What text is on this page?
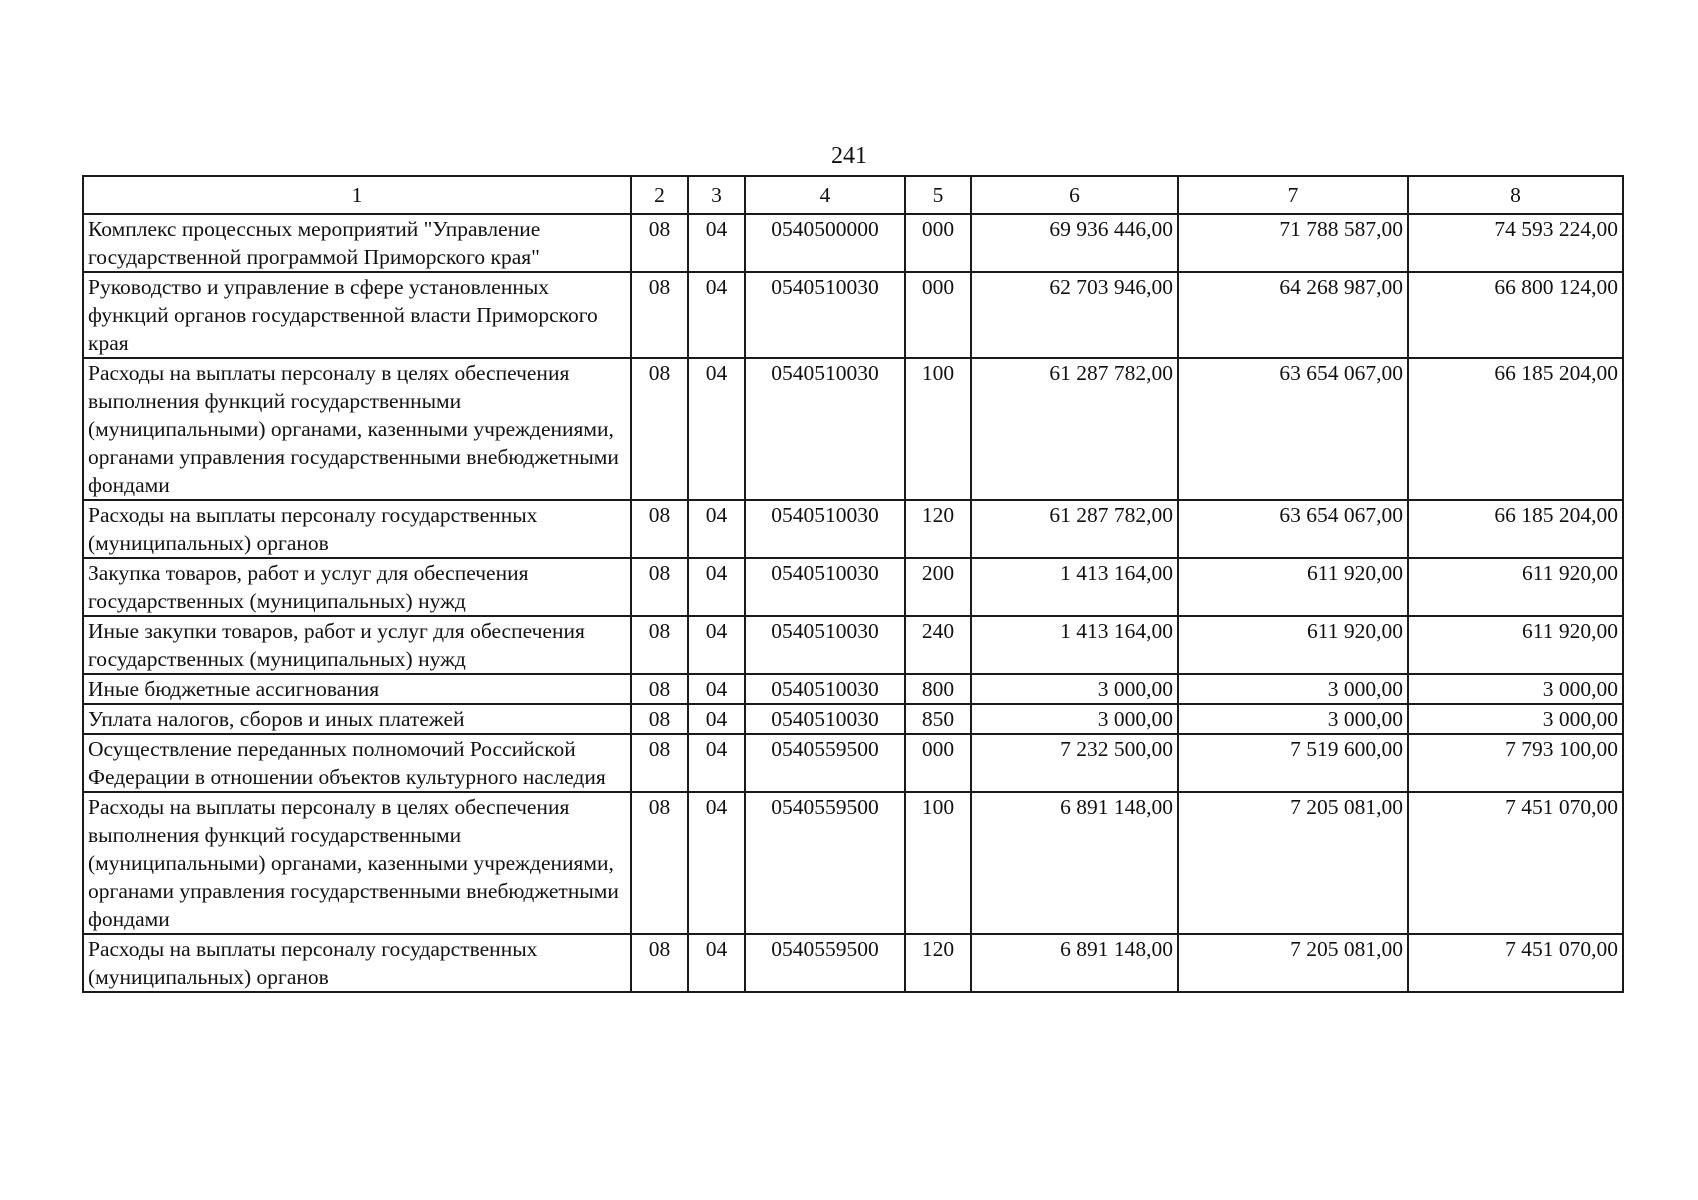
241
1	2	3	4	5	6	7	8
Комплекс процессных мероприятий "Управление государственной программой Приморского края"	08	04	0540500000	000	69 936 446,00	71 788 587,00	74 593 224,00
Руководство и управление в сфере установленных функций органов государственной власти Приморского края	08	04	0540510030	000	62 703 946,00	64 268 987,00	66 800 124,00
Расходы на выплаты персоналу в целях обеспечения выполнения функций государственными (муниципальными) органами, казенными учреждениями, органами управления государственными внебюджетными фондами	08	04	0540510030	100	61 287 782,00	63 654 067,00	66 185 204,00
Расходы на выплаты персоналу государственных (муниципальных) органов	08	04	0540510030	120	61 287 782,00	63 654 067,00	66 185 204,00
Закупка товаров, работ и услуг для обеспечения государственных (муниципальных) нужд	08	04	0540510030	200	1 413 164,00	611 920,00	611 920,00
Иные закупки товаров, работ и услуг для обеспечения государственных (муниципальных) нужд	08	04	0540510030	240	1 413 164,00	611 920,00	611 920,00
Иные бюджетные ассигнования	08	04	0540510030	800	3 000,00	3 000,00	3 000,00
Уплата налогов, сборов и иных платежей	08	04	0540510030	850	3 000,00	3 000,00	3 000,00
Осуществление переданных полномочий Российской Федерации в отношении объектов культурного наследия	08	04	0540559500	000	7 232 500,00	7 519 600,00	7 793 100,00
Расходы на выплаты персоналу в целях обеспечения выполнения функций государственными (муниципальными) органами, казенными учреждениями, органами управления государственными внебюджетными фондами	08	04	0540559500	100	6 891 148,00	7 205 081,00	7 451 070,00
Расходы на выплаты персоналу государственных (муниципальных) органов	08	04	0540559500	120	6 891 148,00	7 205 081,00	7 451 070,00
